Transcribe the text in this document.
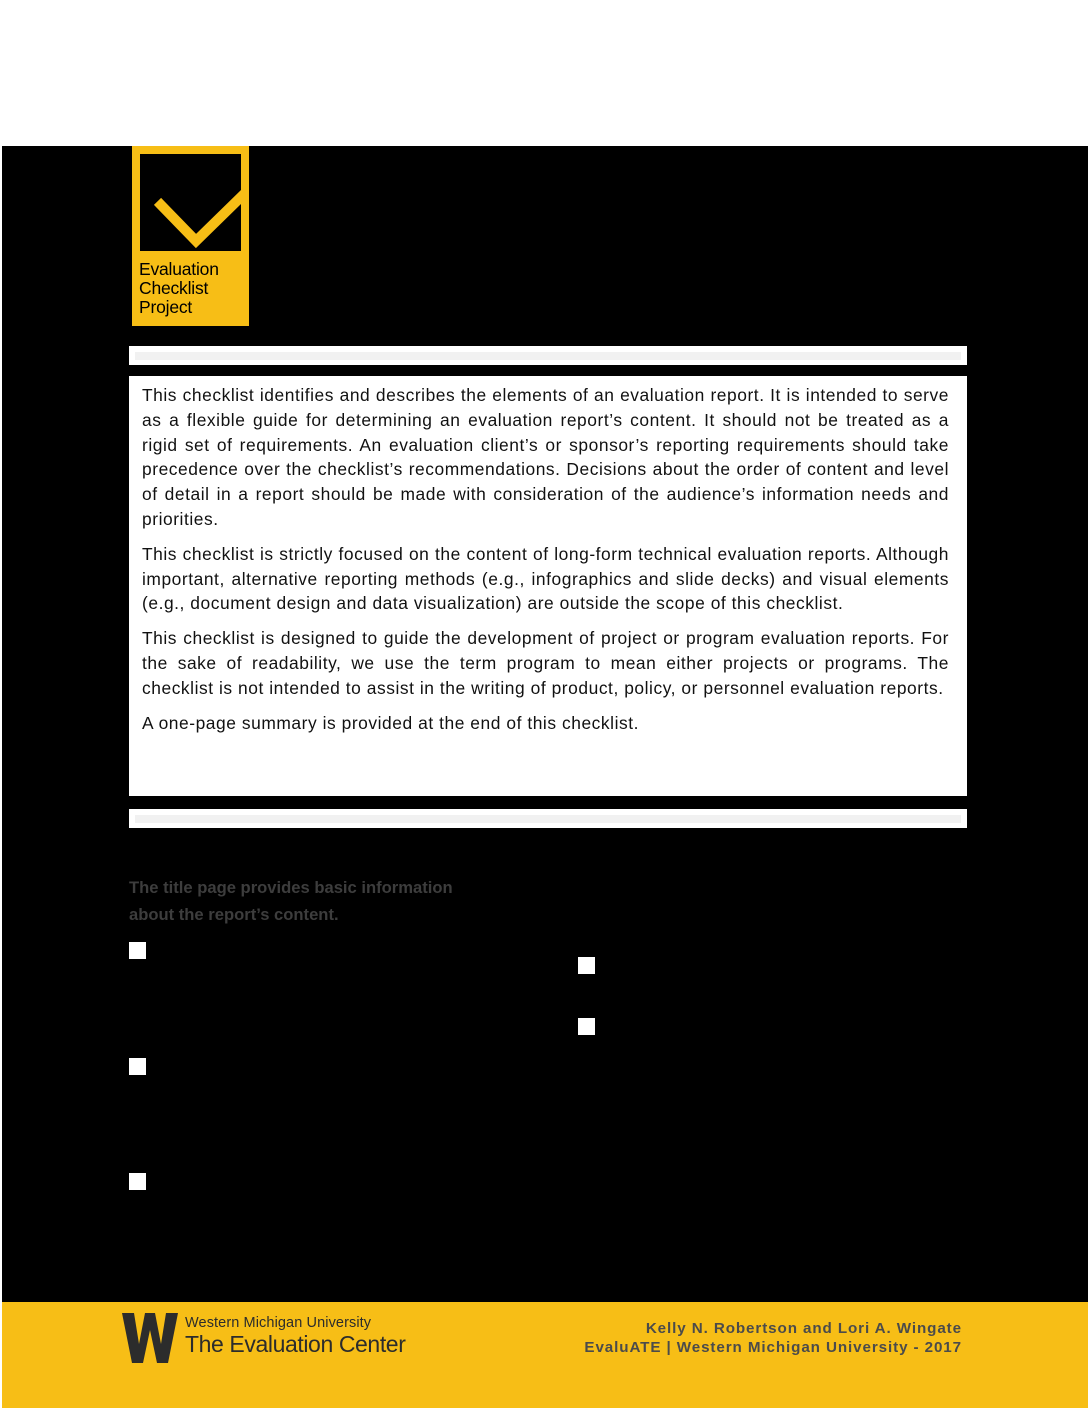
Evaluation
Checklist
Project

This checklist identifies and describes the elements of an evaluation report. It is intended to serve as a flexible guide for determining an evaluation report’s content. It should not be treated as a rigid set of requirements. An evaluation client’s or sponsor’s reporting requirements should take precedence over the checklist’s recommendations. Decisions about the order of content and level of detail in a report should be made with consideration of the audience’s information needs and priorities.

This checklist is strictly focused on the content of long-form technical evaluation reports. Although important, alternative reporting methods (e.g., infographics and slide decks) and visual elements (e.g., document design and data visualization) are outside the scope of this checklist.

This checklist is designed to guide the development of project or program evaluation reports. For the sake of readability, we use the term program to mean either projects or programs. The checklist is not intended to assist in the writing of product, policy, or personnel evaluation reports.

A one-page summary is provided at the end of this checklist.

The title page provides basic information about the report’s content.
Western Michigan University
The Evaluation Center
Kelly N. Robertson and Lori A. Wingate
EvaluATE | Western Michigan University - 2017
